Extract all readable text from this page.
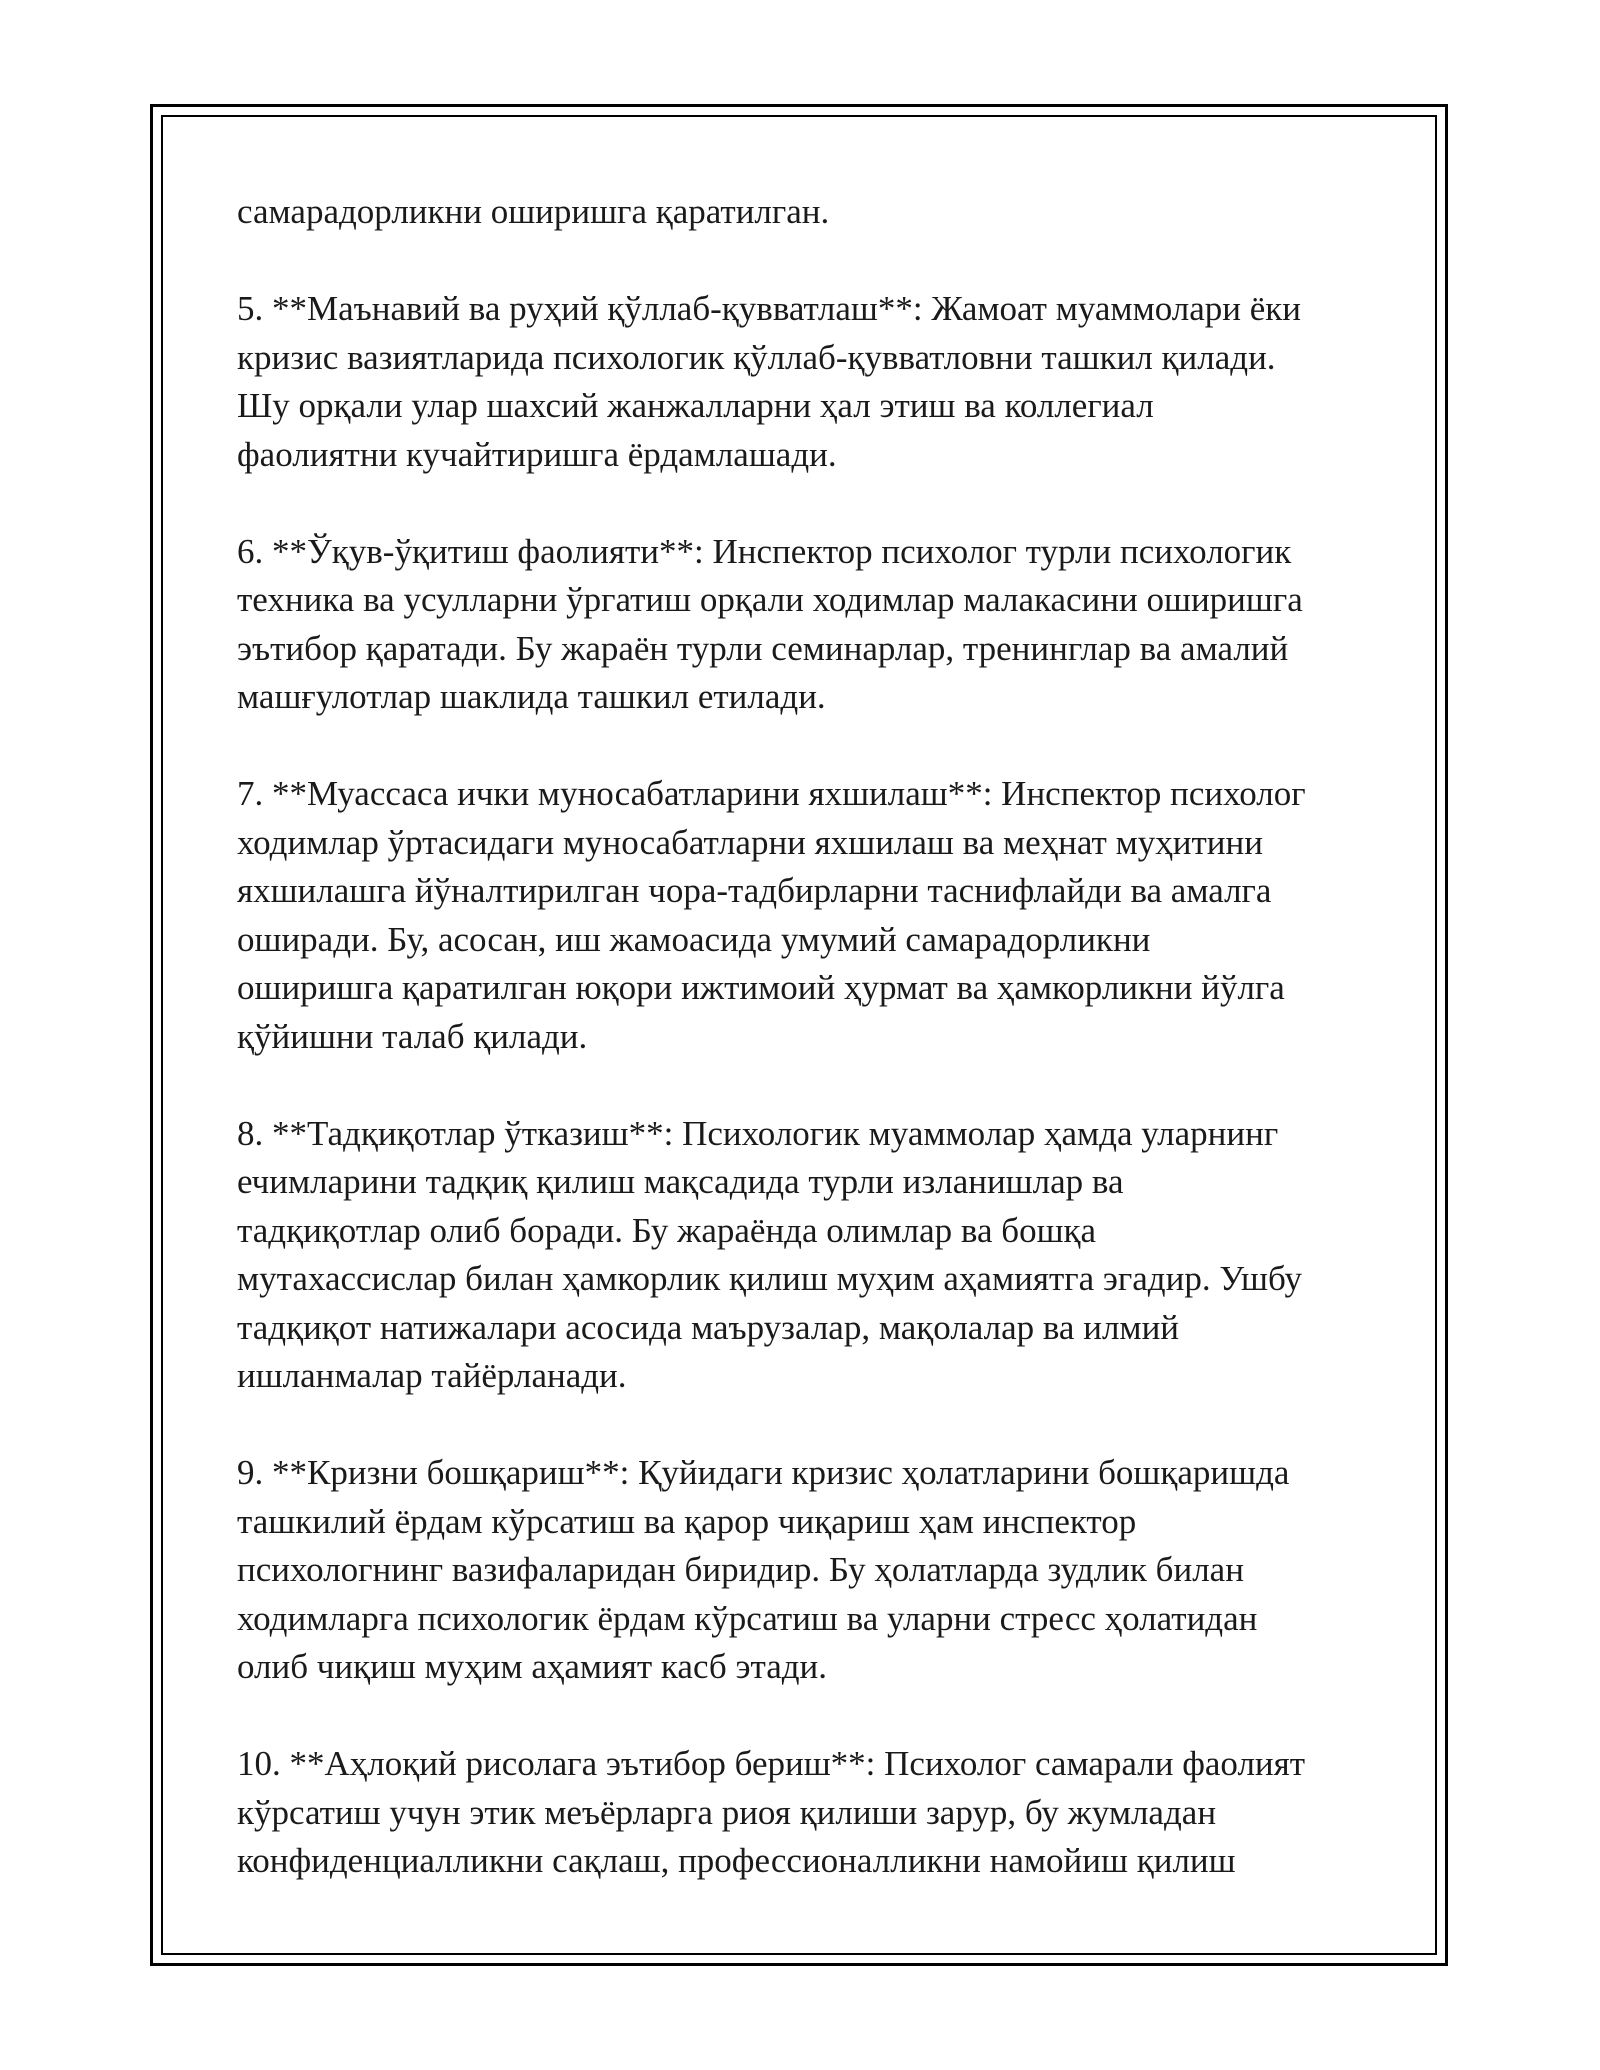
самарадорликни оширишга қаратилган.
5. **Маънавий ва руҳий қўллаб-қувватлаш**: Жамоат муаммолари ёки
кризис вазиятларида психологик қўллаб-қувватловни ташкил қилади.
Шу орқали улар шахсий жанжалларни ҳал этиш ва коллегиал
фаолиятни кучайтиришга ёрдамлашади.
6. **Ўқув-ўқитиш фаолияти**: Инспектор психолог турли психологик
техника ва усулларни ўргатиш орқали ходимлар малакасини оширишга
эътибор қаратади. Бу жараён турли семинарлар, тренинглар ва амалий
машғулотлар шаклида ташкил етилади.
7. **Муассаса ички муносабатларини яхшилаш**: Инспектор психолог
ходимлар ўртасидаги муносабатларни яхшилаш ва меҳнат муҳитини
яхшилашга йўналтирилган чора-тадбирларни таснифлайди ва амалга
оширади. Бу, асосан, иш жамоасида умумий самарадорликни
оширишга қаратилган юқори ижтимоий ҳурмат ва ҳамкорликни йўлга
қўйишни талаб қилади.
8. **Тадқиқотлар ўтказиш**: Психологик муаммолар ҳамда уларнинг
ечимларини тадқиқ қилиш мақсадида турли изланишлар ва
тадқиқотлар олиб боради. Бу жараёнда олимлар ва бошқа
мутахассислар билан ҳамкорлик қилиш муҳим аҳамиятга эгадир. Ушбу
тадқиқот натижалари асосида маърузалар, мақолалар ва илмий
ишланмалар тайёрланади.
9. **Кризни бошқариш**: Қуйидаги кризис ҳолатларини бошқаришда
ташкилий ёрдам кўрсатиш ва қарор чиқариш ҳам инспектор
психологнинг вазифаларидан биридир. Бу ҳолатларда зудлик билан
ходимларга психологик ёрдам кўрсатиш ва уларни стресс ҳолатидан
олиб чиқиш муҳим аҳамият касб этади.
10. **Аҳлоқий рисолага эътибор бериш**: Психолог самарали фаолият
кўрсатиш учун этик меъёрларга риоя қилиши зарур, бу жумладан
конфиденциалликни сақлаш, профессионалликни намойиш қилиш
